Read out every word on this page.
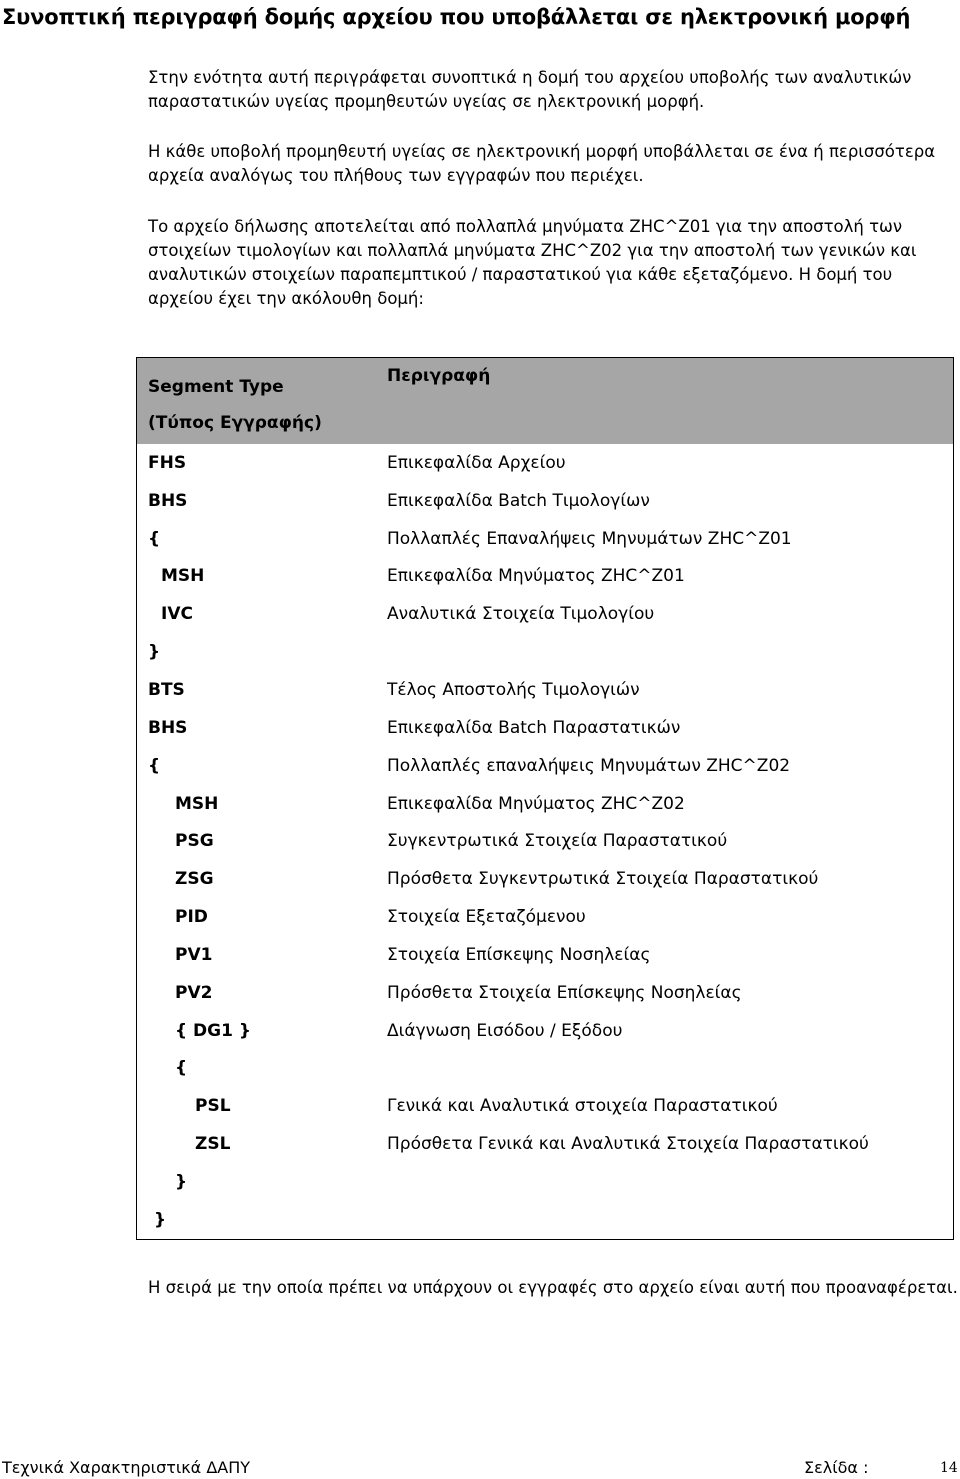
Συνοπτική περιγραφή δομής αρχείου που υποβάλλεται σε ηλεκτρονική μορφή

Στην ενότητα αυτή περιγράφεται συνοπτικά η δομή του αρχείου υποβολής των αναλυτικών παραστατικών υγείας προμηθευτών υγείας σε ηλεκτρονική μορφή.

Η κάθε υποβολή προμηθευτή υγείας σε ηλεκτρονική μορφή υποβάλλεται σε ένα ή περισσότερα αρχεία αναλόγως του πλήθους των εγγραφών που περιέχει.

Το αρχείο δήλωσης αποτελείται από πολλαπλά μηνύματα ZHC^Z01 για την αποστολή των στοιχείων τιμολογίων και πολλαπλά μηνύματα ZHC^Z02 για την αποστολή των γενικών και αναλυτικών στοιχείων παραπεμπτικού / παραστατικού για κάθε εξεταζόμενο. Η δομή του αρχείου έχει την ακόλουθη δομή:

Segment Type
(Τύπος Εγγραφής)	Περιγραφή
FHS	Επικεφαλίδα Αρχείου
BHS	Επικεφαλίδα Batch Τιμολογίων
{	Πολλαπλές Επαναλήψεις Μηνυμάτων ZHC^Z01
MSH	Επικεφαλίδα Μηνύματος ZHC^Z01
IVC	Αναλυτικά Στοιχεία Τιμολογίου
}	
BTS	Τέλος Αποστολής Τιμολογιών
BHS	Επικεφαλίδα Batch Παραστατικών
{	Πολλαπλές επαναλήψεις Μηνυμάτων ZHC^Z02
MSH	Επικεφαλίδα Μηνύματος ZHC^Z02
PSG	Συγκεντρωτικά Στοιχεία Παραστατικού
ZSG	Πρόσθετα Συγκεντρωτικά Στοιχεία Παραστατικού
PID	Στοιχεία Εξεταζόμενου
PV1	Στοιχεία Επίσκεψης Νοσηλείας
PV2	Πρόσθετα Στοιχεία Επίσκεψης Νοσηλείας
{ DG1 }	Διάγνωση Εισόδου / Εξόδου
{	
PSL	Γενικά και Αναλυτικά στοιχεία Παραστατικού
ZSL	Πρόσθετα Γενικά και Αναλυτικά Στοιχεία Παραστατικού
}	
}	

Η σειρά με την οποία πρέπει να υπάρχουν οι εγγραφές στο αρχείο είναι αυτή που προαναφέρεται.

Τεχνικά Χαρακτηριστικά ΔΑΠΥ	Σελίδα :	14
